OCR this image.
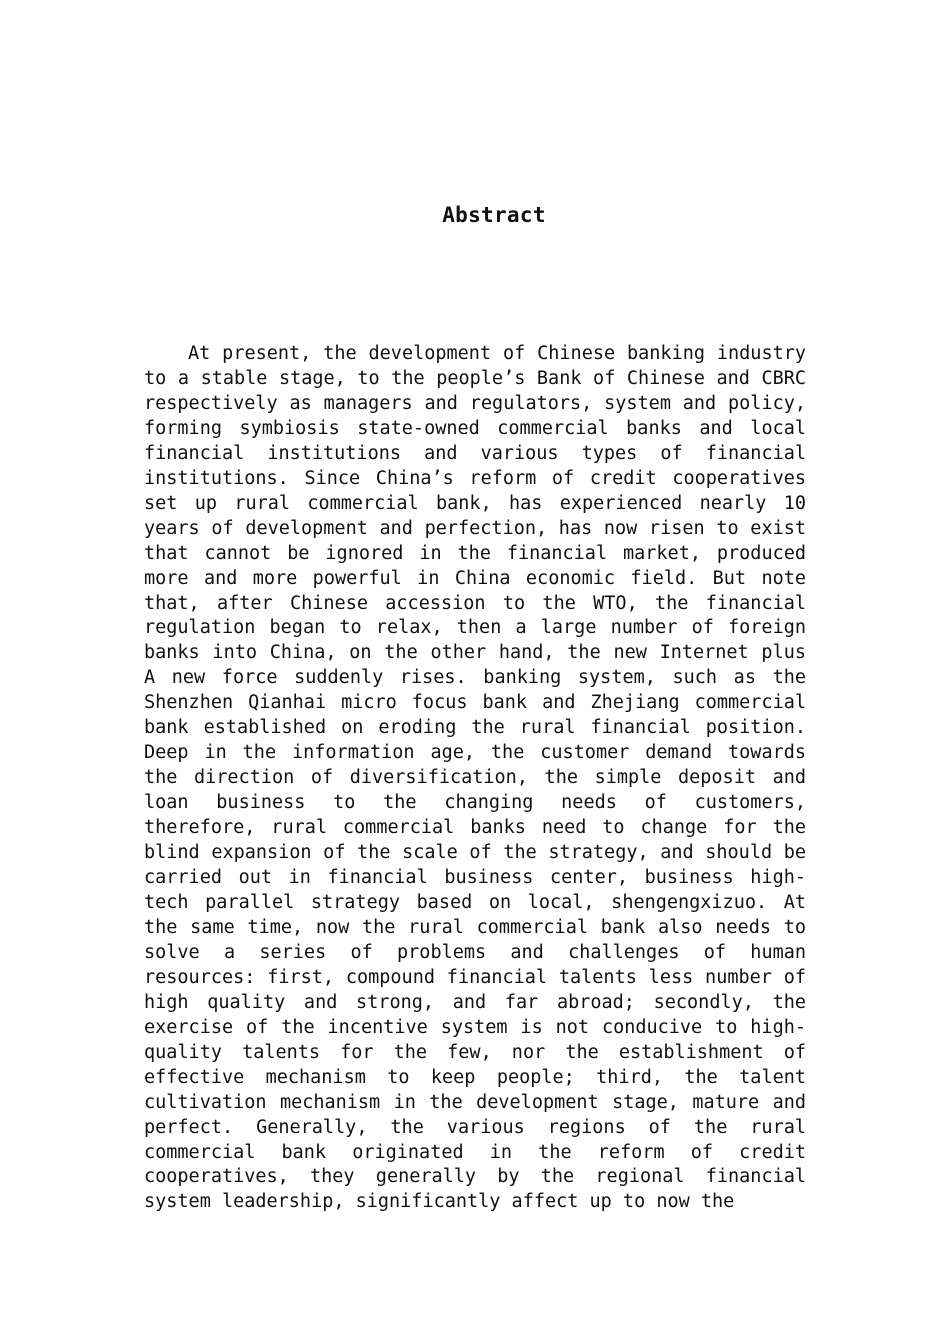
Abstract

At present, the development of Chinese banking industry to a stable stage, to the people’s Bank of Chinese and CBRC respectively as managers and regulators, system and policy, forming symbiosis state-owned commercial banks and local financial institutions and various types of financial institutions. Since China’s reform of credit cooperatives set up rural commercial bank, has experienced nearly 10 years of development and perfection, has now risen to exist that cannot be ignored in the financial market, produced more and more powerful in China economic field. But note that, after Chinese accession to the WTO, the financial regulation began to relax, then a large number of foreign banks into China, on the other hand, the new Internet plus A new force suddenly rises. banking system, such as the Shenzhen Qianhai micro focus bank and Zhejiang commercial bank established on eroding the rural financial position. Deep in the information age, the customer demand towards the direction of diversification, the simple deposit and loan business to the changing needs of customers, therefore, rural commercial banks need to change for the blind expansion of the scale of the strategy, and should be carried out in financial business center, business high-tech parallel strategy based on local, shengengxizuo. At the same time, now the rural commercial bank also needs to solve a series of problems and challenges of human resources: first, compound financial talents less number of high quality and strong, and far abroad; secondly, the exercise of the incentive system is not conducive to high-quality talents for the few, nor the establishment of effective mechanism to keep people; third, the talent cultivation mechanism in the development stage, mature and perfect. Generally, the various regions of the rural commercial bank originated in the reform of credit cooperatives, they generally by the regional financial system leadership, significantly affect up to now the
